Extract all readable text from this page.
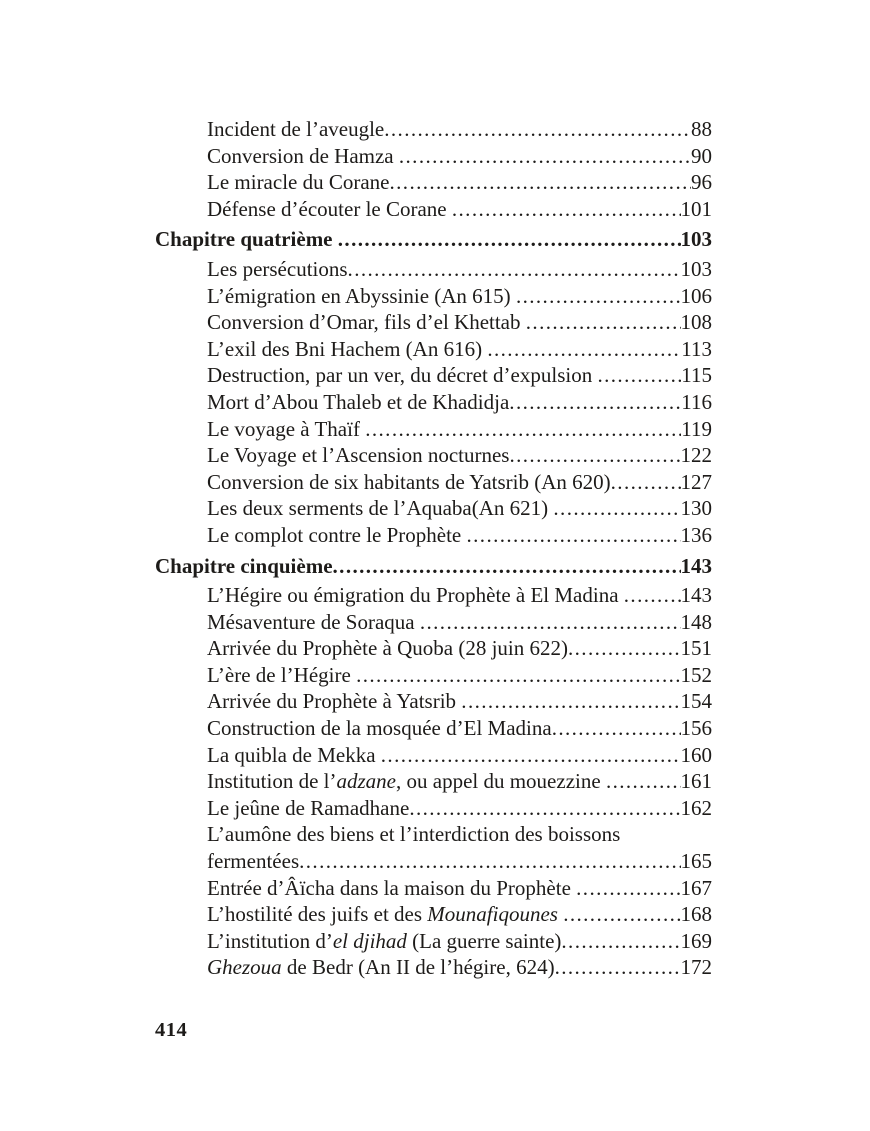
Incident de l’aveugle .....	88
Conversion de Hamza .....	90
Le miracle du Corane .....	96
Défense d’écouter le Corane .....	101
Chapitre quatrième .....	103
Les persécutions .....	103
L’émigration en Abyssinie (An 615) .....	106
Conversion d’Omar, fils d’el Khettab .....	108
L’exil des Bni Hachem (An 616) .....	113
Destruction, par un ver, du décret d’expulsion .....	115
Mort d’Abou Thaleb et de Khadidja .....	116
Le voyage à Thaïf .....	119
Le Voyage et l’Ascension nocturnes .....	122
Conversion de six habitants de Yatsrib (An 620) .....	127
Les deux serments de l’Aquaba(An 621) .....	130
Le complot contre le Prophète .....	136
Chapitre cinquième .....	143
L’Hégire ou émigration du Prophète à El Madina .....	143
Mésaventure de Soraqua .....	148
Arrivée du Prophète à Quoba (28 juin 622) .....	151
L’ère de l’Hégire .....	152
Arrivée du Prophète à Yatsrib .....	154
Construction de la mosquée d’El Madina .....	156
La quibla de Mekka .....	160
Institution de l’adzane, ou appel du mouezzine .....	161
Le jeûne de Ramadhane .....	162
L’aumône des biens et l’interdiction des boissons
fermentées .....	165
Entrée d’Âïcha dans la maison du Prophète .....	167
L’hostilité des juifs et des Mounafiqounes .....	168
L’institution d’el djihad (La guerre sainte) .....	169
Ghezoua de Bedr (An II de l’hégire, 624) .....	172
414
